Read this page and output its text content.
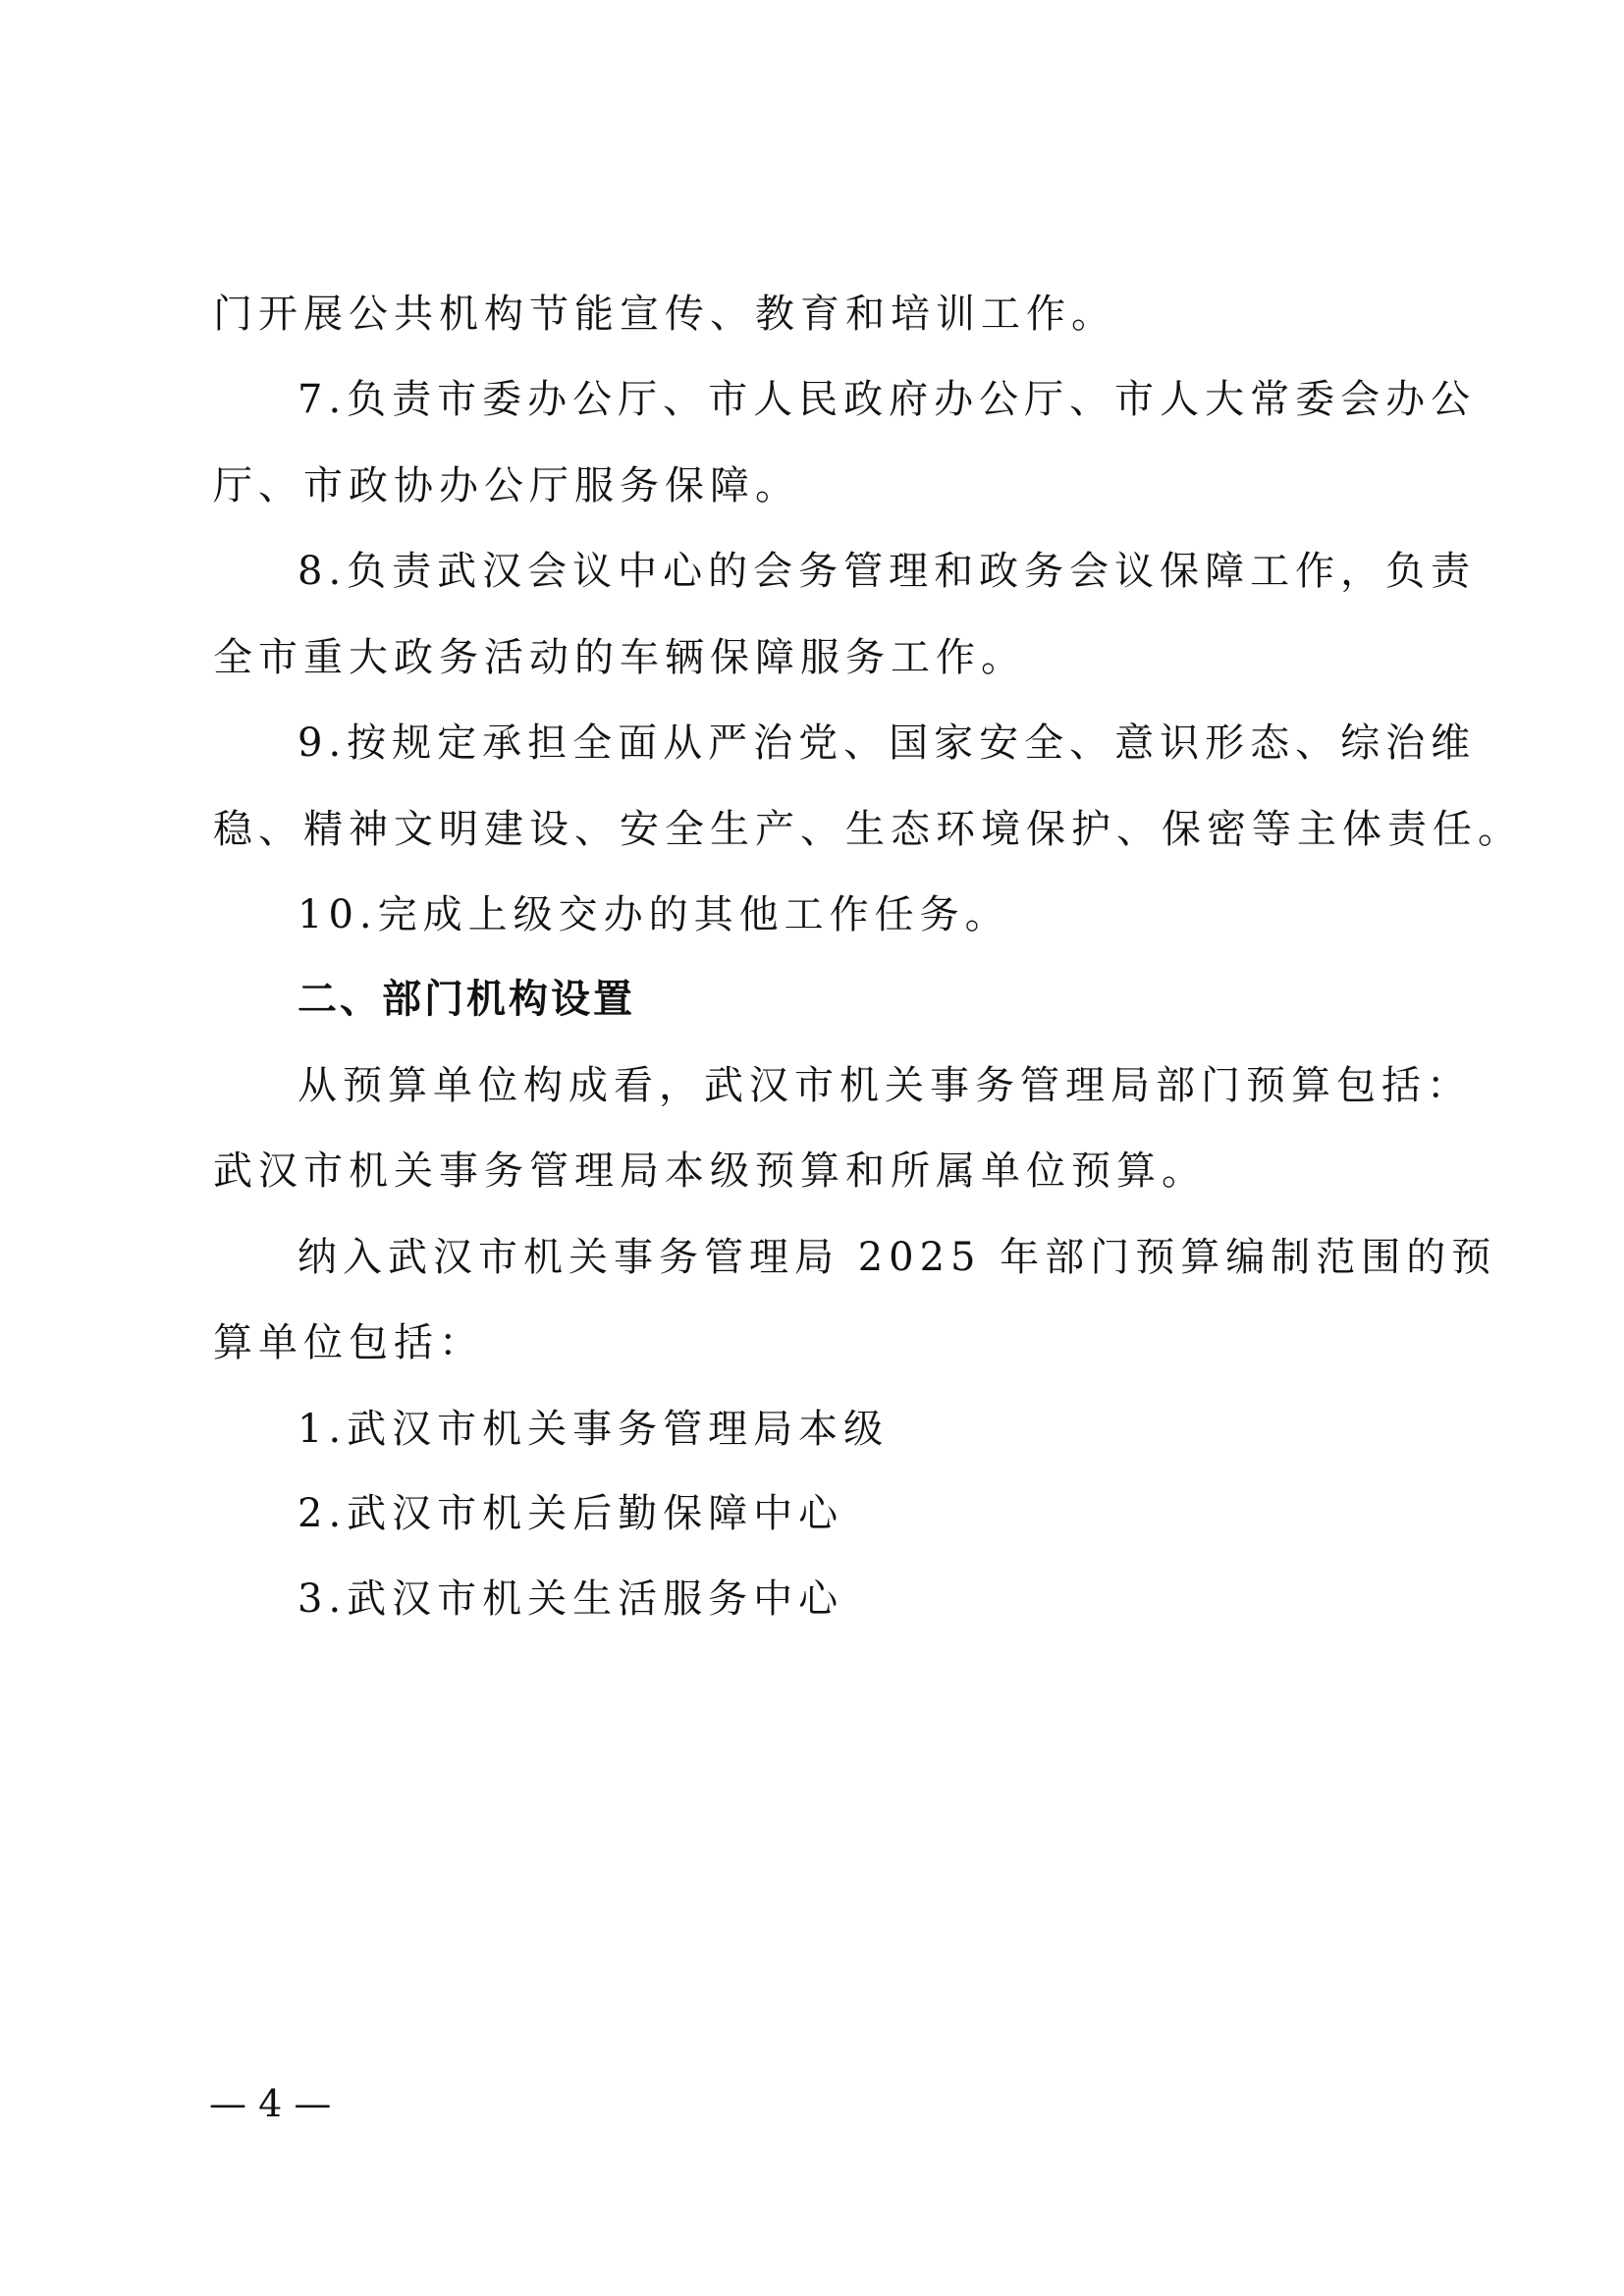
门开展公共机构节能宣传、教育和培训工作。
7.负责市委办公厅、市人民政府办公厅、市人大常委会办公
厅、市政协办公厅服务保障。
8.负责武汉会议中心的会务管理和政务会议保障工作，负责
全市重大政务活动的车辆保障服务工作。
9.按规定承担全面从严治党、国家安全、意识形态、综治维
稳、精神文明建设、安全生产、生态环境保护、保密等主体责任。
10.完成上级交办的其他工作任务。
二、部门机构设置
从预算单位构成看，武汉市机关事务管理局部门预算包括：
武汉市机关事务管理局本级预算和所属单位预算。
纳入武汉市机关事务管理局 2025 年部门预算编制范围的预
算单位包括：
1.武汉市机关事务管理局本级
2.武汉市机关后勤保障中心
3.武汉市机关生活服务中心
— 4 —
